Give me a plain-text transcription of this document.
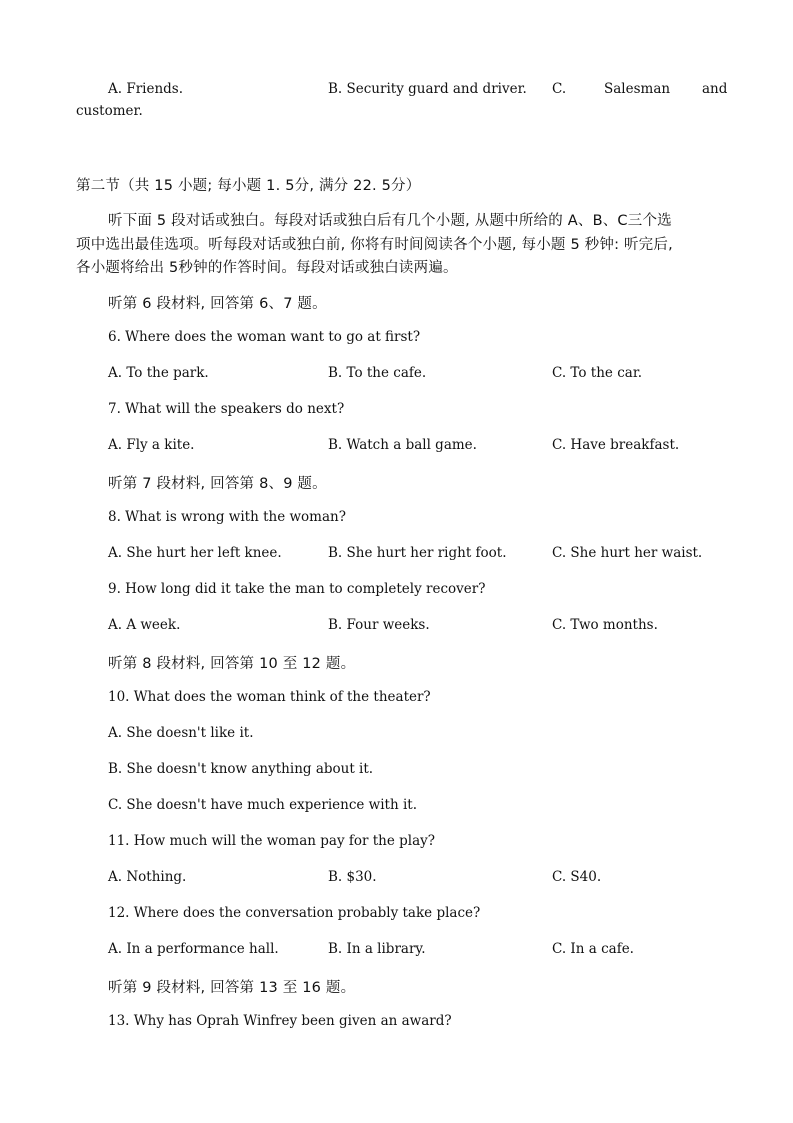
A. Friends.	B. Security guard and driver. C.	Salesman and
customer.
第二节（共 15 小题; 每小题 1. 5分, 满分 22. 5分）
听下面 5 段对话或独白。每段对话或独白后有几个小题, 从题中所给的 A、B、C三个选
项中选出最佳选项。听每段对话或独白前, 你将有时间阅读各个小题, 每小题 5 秒钟: 听完后,
各小题将给出 5秒钟的作答时间。每段对话或独白读两遍。
听第 6 段材料, 回答第 6、7 题。
6. Where does the woman want to go at first?
A. To the park.	B. To the cafe.	C. To the car.
7. What will the speakers do next?
A. Fly a kite.	B. Watch a ball game.	C. Have breakfast.
听第 7 段材料, 回答第 8、9 题。
8. What is wrong with the woman?
A. She hurt her left knee.	B. She hurt her right foot.	C. She hurt her waist.
9. How long did it take the man to completely recover?
A. A week.	B. Four weeks.	C. Two months.
听第 8 段材料, 回答第 10 至 12 题。
10. What does the woman think of the theater?
A. She doesn't like it.
B. She doesn't know anything about it.
C. She doesn't have much experience with it.
11. How much will the woman pay for the play?
A. Nothing.	B. $30.	C. S40.
12. Where does the conversation probably take place?
A. In a performance hall.	B. In a library.	C. In a cafe.
听第 9 段材料, 回答第 13 至 16 题。
13. Why has Oprah Winfrey been given an award?
